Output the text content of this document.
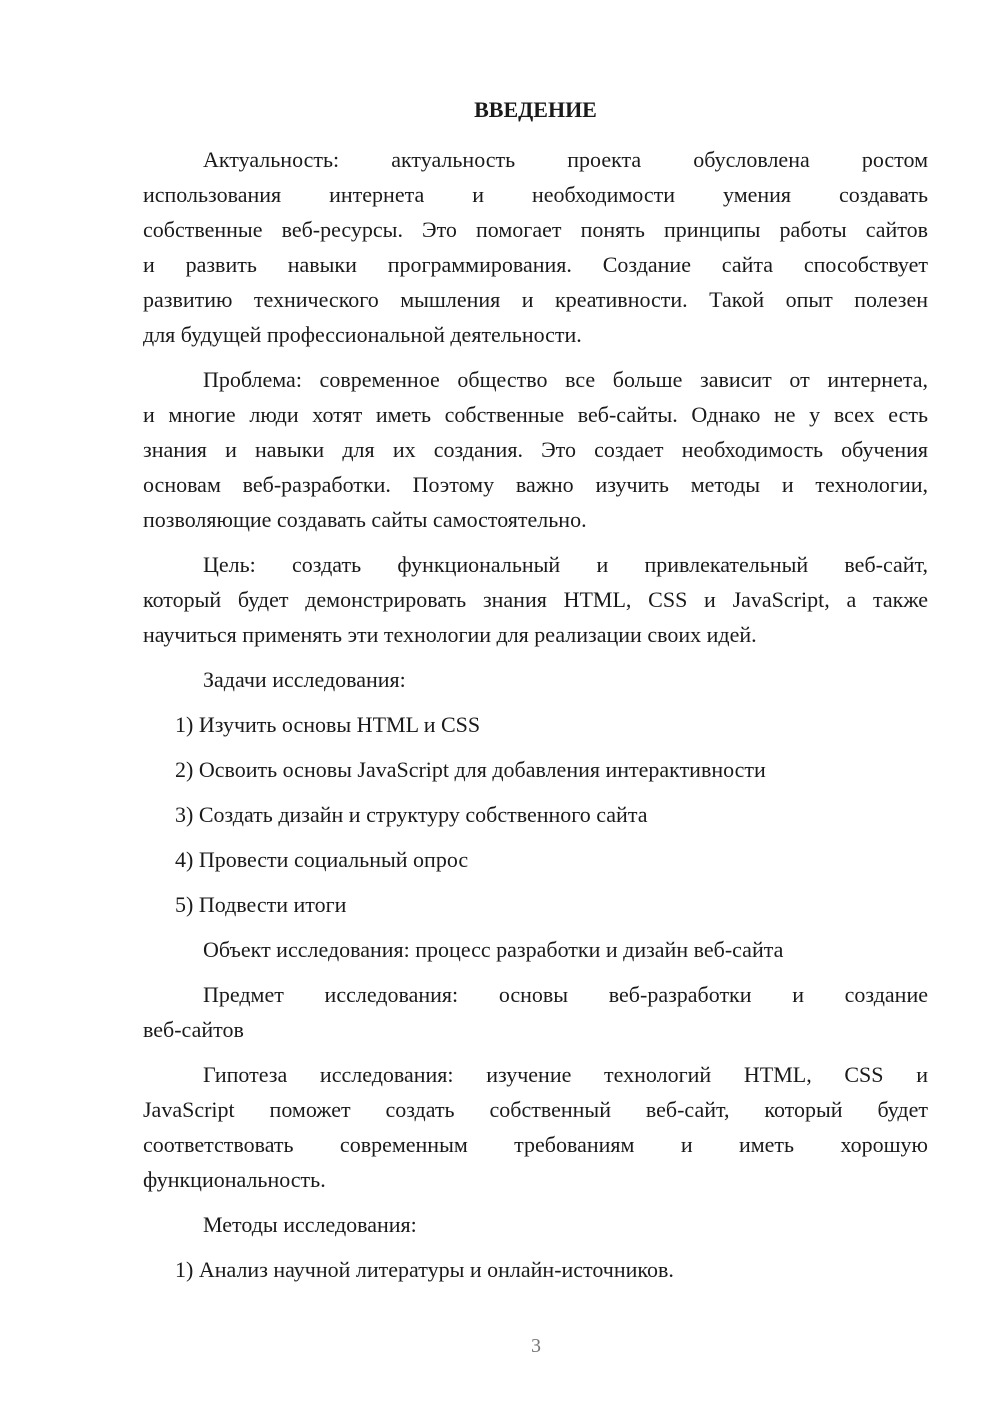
ВВЕДЕНИЕ
Актуальность: актуальность проекта обусловлена ростом
использования интернета и необходимости умения создавать
собственные веб-ресурсы. Это помогает понять принципы работы сайтов
и развить навыки программирования. Создание сайта способствует
развитию технического мышления и креативности. Такой опыт полезен
для будущей профессиональной деятельности.
Проблема: современное общество все больше зависит от интернета,
и многие люди хотят иметь собственные веб-сайты. Однако не у всех есть
знания и навыки для их создания. Это создает необходимость обучения
основам веб-разработки. Поэтому важно изучить методы и технологии,
позволяющие создавать сайты самостоятельно.
Цель: создать функциональный и привлекательный веб-сайт,
который будет демонстрировать знания HTML, CSS и JavaScript, а также
научиться применять эти технологии для реализации своих идей.
Задачи исследования:
1) Изучить основы HTML и CSS
2) Освоить основы JavaScript для добавления интерактивности
3) Создать дизайн и структуру собственного сайта
4) Провести социальный опрос
5) Подвести итоги
Объект исследования: процесс разработки и дизайн веб-сайта
Предмет исследования: основы веб-разработки и создание
веб-сайтов
Гипотеза исследования: изучение технологий HTML, CSS и
JavaScript поможет создать собственный веб-сайт, который будет
соответствовать современным требованиям и иметь хорошую
функциональность.
Методы исследования:
1) Анализ научной литературы и онлайн-источников.
3
